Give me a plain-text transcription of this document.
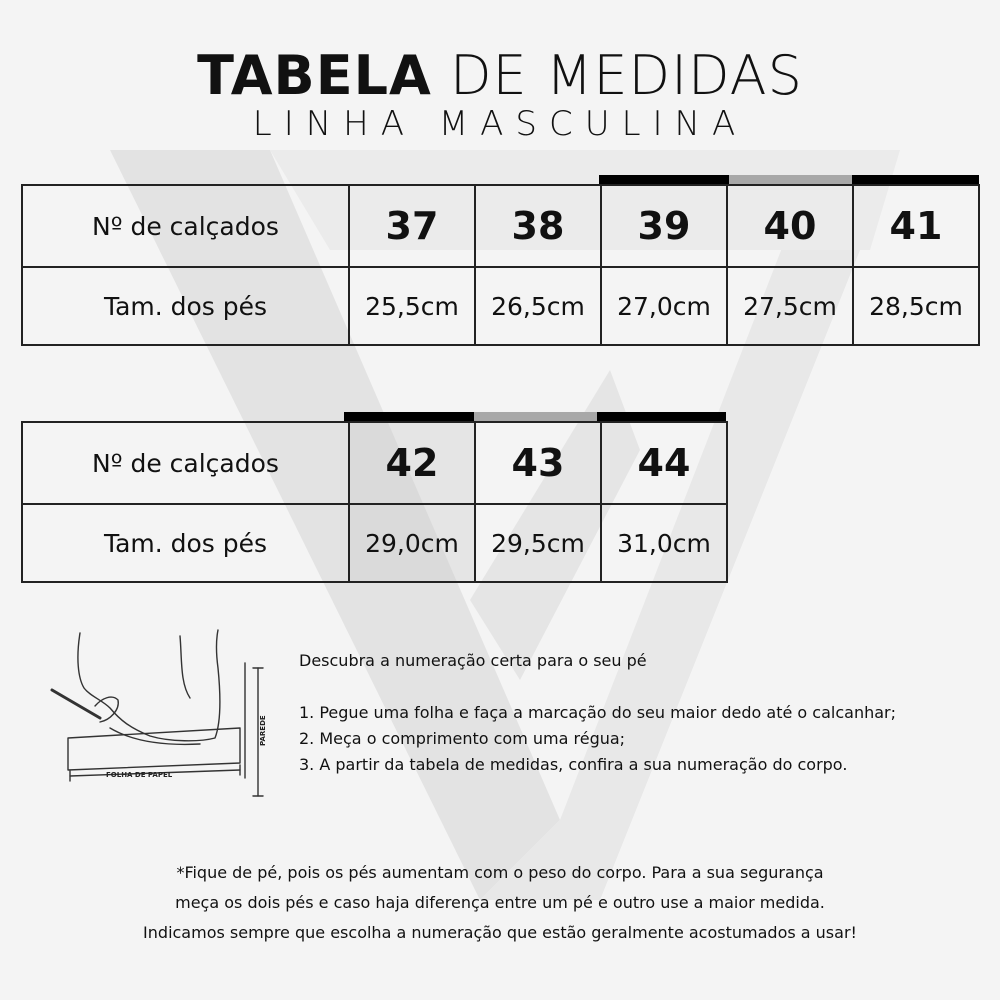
TABELA DE MEDIDAS
LINHA MASCULINA
Nº de calçados	37	38	39	40	41
Tam. dos pés	25,5cm	26,5cm	27,0cm	27,5cm	28,5cm
Nº de calçados	42	43	44
Tam. dos pés	29,0cm	29,5cm	31,0cm
FOLHA DE PAPEL
PAREDE
Descubra a numeração certa para o seu pé
1. Pegue uma folha e faça a marcação do seu maior dedo até o calcanhar;
2. Meça o comprimento com uma régua;
3. A partir da tabela de medidas, confira a sua numeração do corpo.
*Fique de pé, pois os pés aumentam com o peso do corpo. Para a sua segurança
meça os dois pés e caso haja diferença entre um pé e outro use a maior medida.
Indicamos sempre que escolha a numeração que estão geralmente acostumados a usar!
